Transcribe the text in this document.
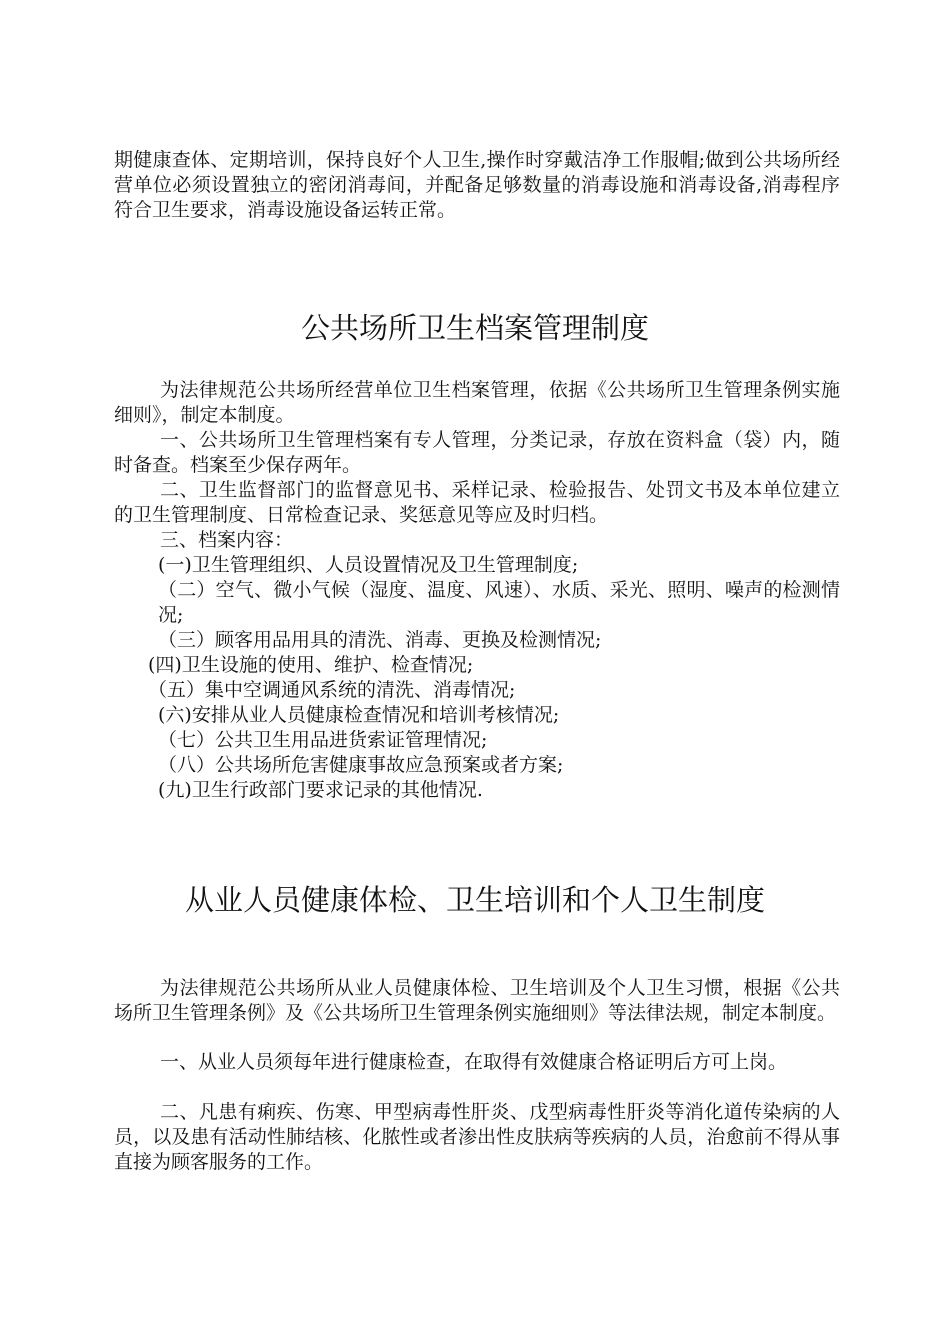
期健康查体、定期培训，保持良好个人卫生,操作时穿戴洁净工作服帽;做到公共场所经营单位必须设置独立的密闭消毒间，并配备足够数量的消毒设施和消毒设备,消毒程序符合卫生要求，消毒设施设备运转正常。

公共场所卫生档案管理制度

为法律规范公共场所经营单位卫生档案管理，依据《公共场所卫生管理条例实施细则》，制定本制度。

一、公共场所卫生管理档案有专人管理，分类记录，存放在资料盒（袋）内，随时备查。档案至少保存两年。

二、卫生监督部门的监督意见书、采样记录、检验报告、处罚文书及本单位建立的卫生管理制度、日常检查记录、奖惩意见等应及时归档。

三、档案内容：

(一)卫生管理组织、人员设置情况及卫生管理制度;

（二）空气、微小气候（湿度、温度、风速）、水质、采光、照明、噪声的检测情况;

（三）顾客用品用具的清洗、消毒、更换及检测情况;

(四)卫生设施的使用、维护、检查情况;

（五）集中空调通风系统的清洗、消毒情况;

(六)安排从业人员健康检查情况和培训考核情况;

（七）公共卫生用品进货索证管理情况;

（八）公共场所危害健康事故应急预案或者方案;

(九)卫生行政部门要求记录的其他情况.

从业人员健康体检、卫生培训和个人卫生制度

为法律规范公共场所从业人员健康体检、卫生培训及个人卫生习惯，根据《公共场所卫生管理条例》及《公共场所卫生管理条例实施细则》等法律法规，制定本制度。

一、从业人员须每年进行健康检查，在取得有效健康合格证明后方可上岗。

二、凡患有痢疾、伤寒、甲型病毒性肝炎、戊型病毒性肝炎等消化道传染病的人员，以及患有活动性肺结核、化脓性或者渗出性皮肤病等疾病的人员，治愈前不得从事直接为顾客服务的工作。
